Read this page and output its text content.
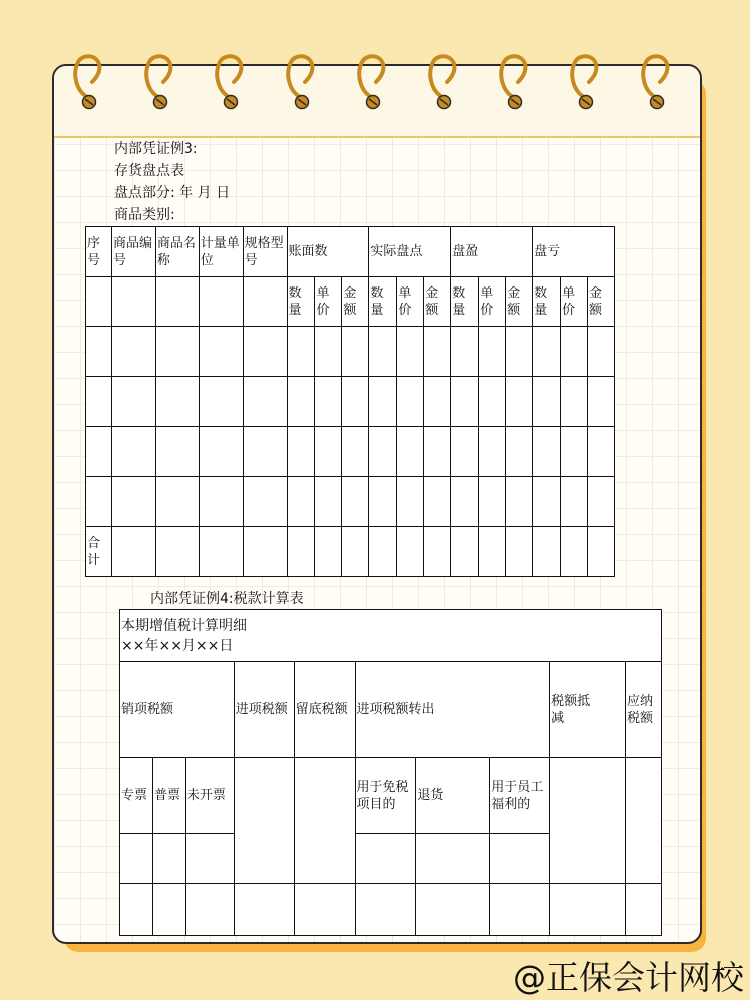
内部凭证例3:
存货盘点表
盘点部分: 年 月 日
商品类别:
序号	商品编号	商品名称	计量单位	规格型号	账面数			实际盘点			盘盈			盘亏		
					数量	单价	金额	数量	单价	金额	数量	单价	金额	数量	单价	金额

合计																
内部凭证例4:税款计算表
本期增值税计算明细
××年××月××日									

销项税额			进项税额	留底税额	进项税额转出			税额抵减	应纳税额
专票	普票	未开票			用于免税项目的	退货	用于员工福利的		

@正保会计网校
